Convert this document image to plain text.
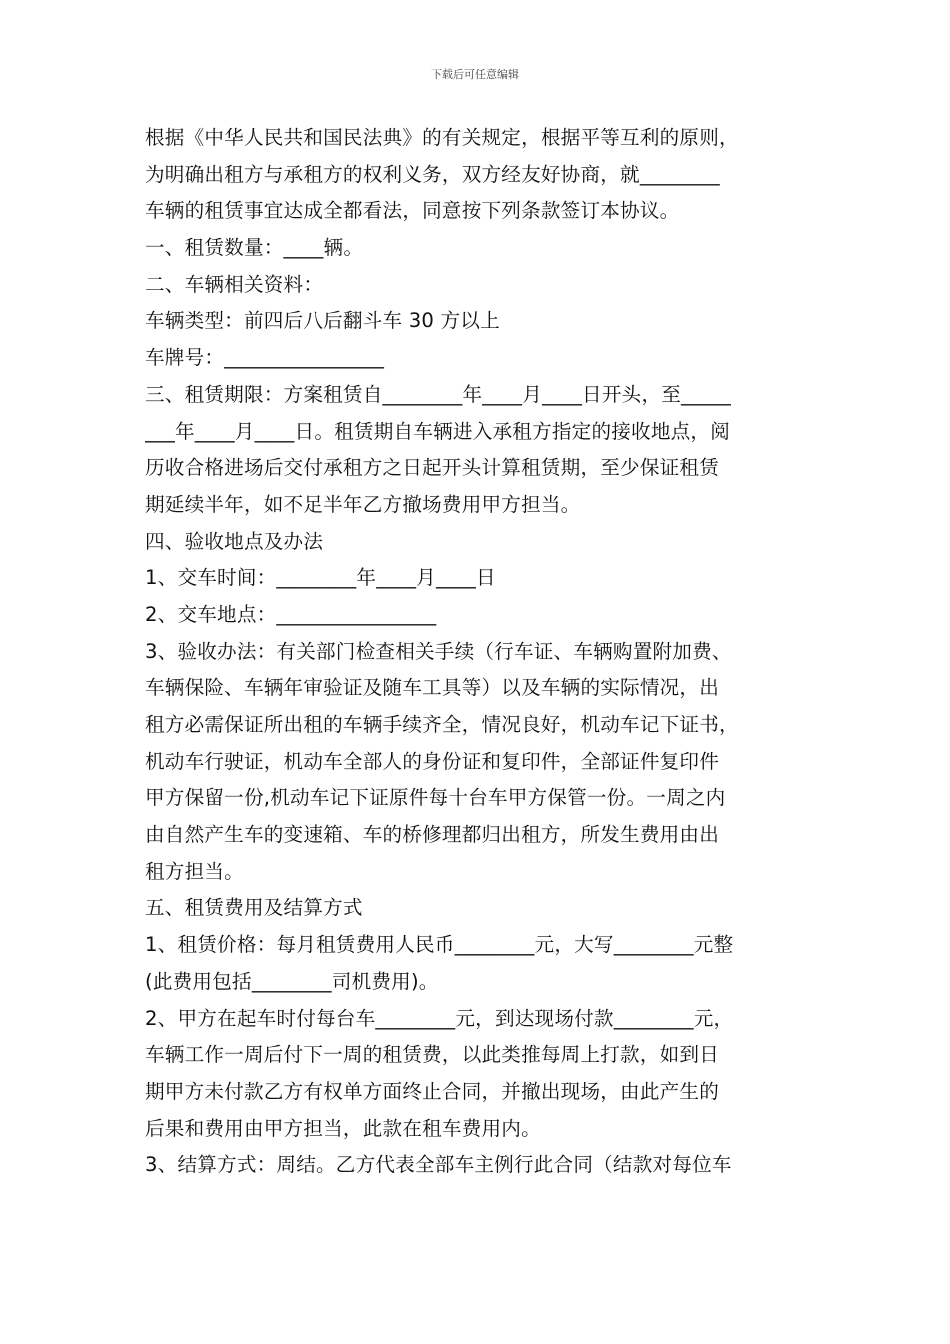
下载后可任意编辑
根据《中华人民共和国民法典》的有关规定，根据平等互利的原则，
为明确出租方与承租方的权利义务，双方经友好协商，就________
车辆的租赁事宜达成全都看法，同意按下列条款签订本协议。
一、租赁数量：____辆。
二、车辆相关资料：
车辆类型：前四后八后翻斗车 30 方以上
车牌号：________________
三、租赁期限：方案租赁自________年____月____日开头，至_____
___年____月____日。租赁期自车辆进入承租方指定的接收地点，阅
历收合格进场后交付承租方之日起开头计算租赁期，至少保证租赁
期延续半年，如不足半年乙方撤场费用甲方担当。
四、验收地点及办法
1、交车时间：________年____月____日
2、交车地点：________________
3、验收办法：有关部门检查相关手续（行车证、车辆购置附加费、
车辆保险、车辆年审验证及随车工具等）以及车辆的实际情况，出
租方必需保证所出租的车辆手续齐全，情况良好，机动车记下证书，
机动车行驶证，机动车全部人的身份证和复印件，全部证件复印件
甲方保留一份,机动车记下证原件每十台车甲方保管一份。一周之内
由自然产生车的变速箱、车的桥修理都归出租方，所发生费用由出
租方担当。
五、租赁费用及结算方式
1、租赁价格：每月租赁费用人民币________元，大写________元整
(此费用包括________司机费用)。
2、甲方在起车时付每台车________元，到达现场付款________元，
车辆工作一周后付下一周的租赁费，以此类推每周上打款，如到日
期甲方未付款乙方有权单方面终止合同，并撤出现场，由此产生的
后果和费用由甲方担当，此款在租车费用内。
3、结算方式：周结。乙方代表全部车主例行此合同（结款对每位车
